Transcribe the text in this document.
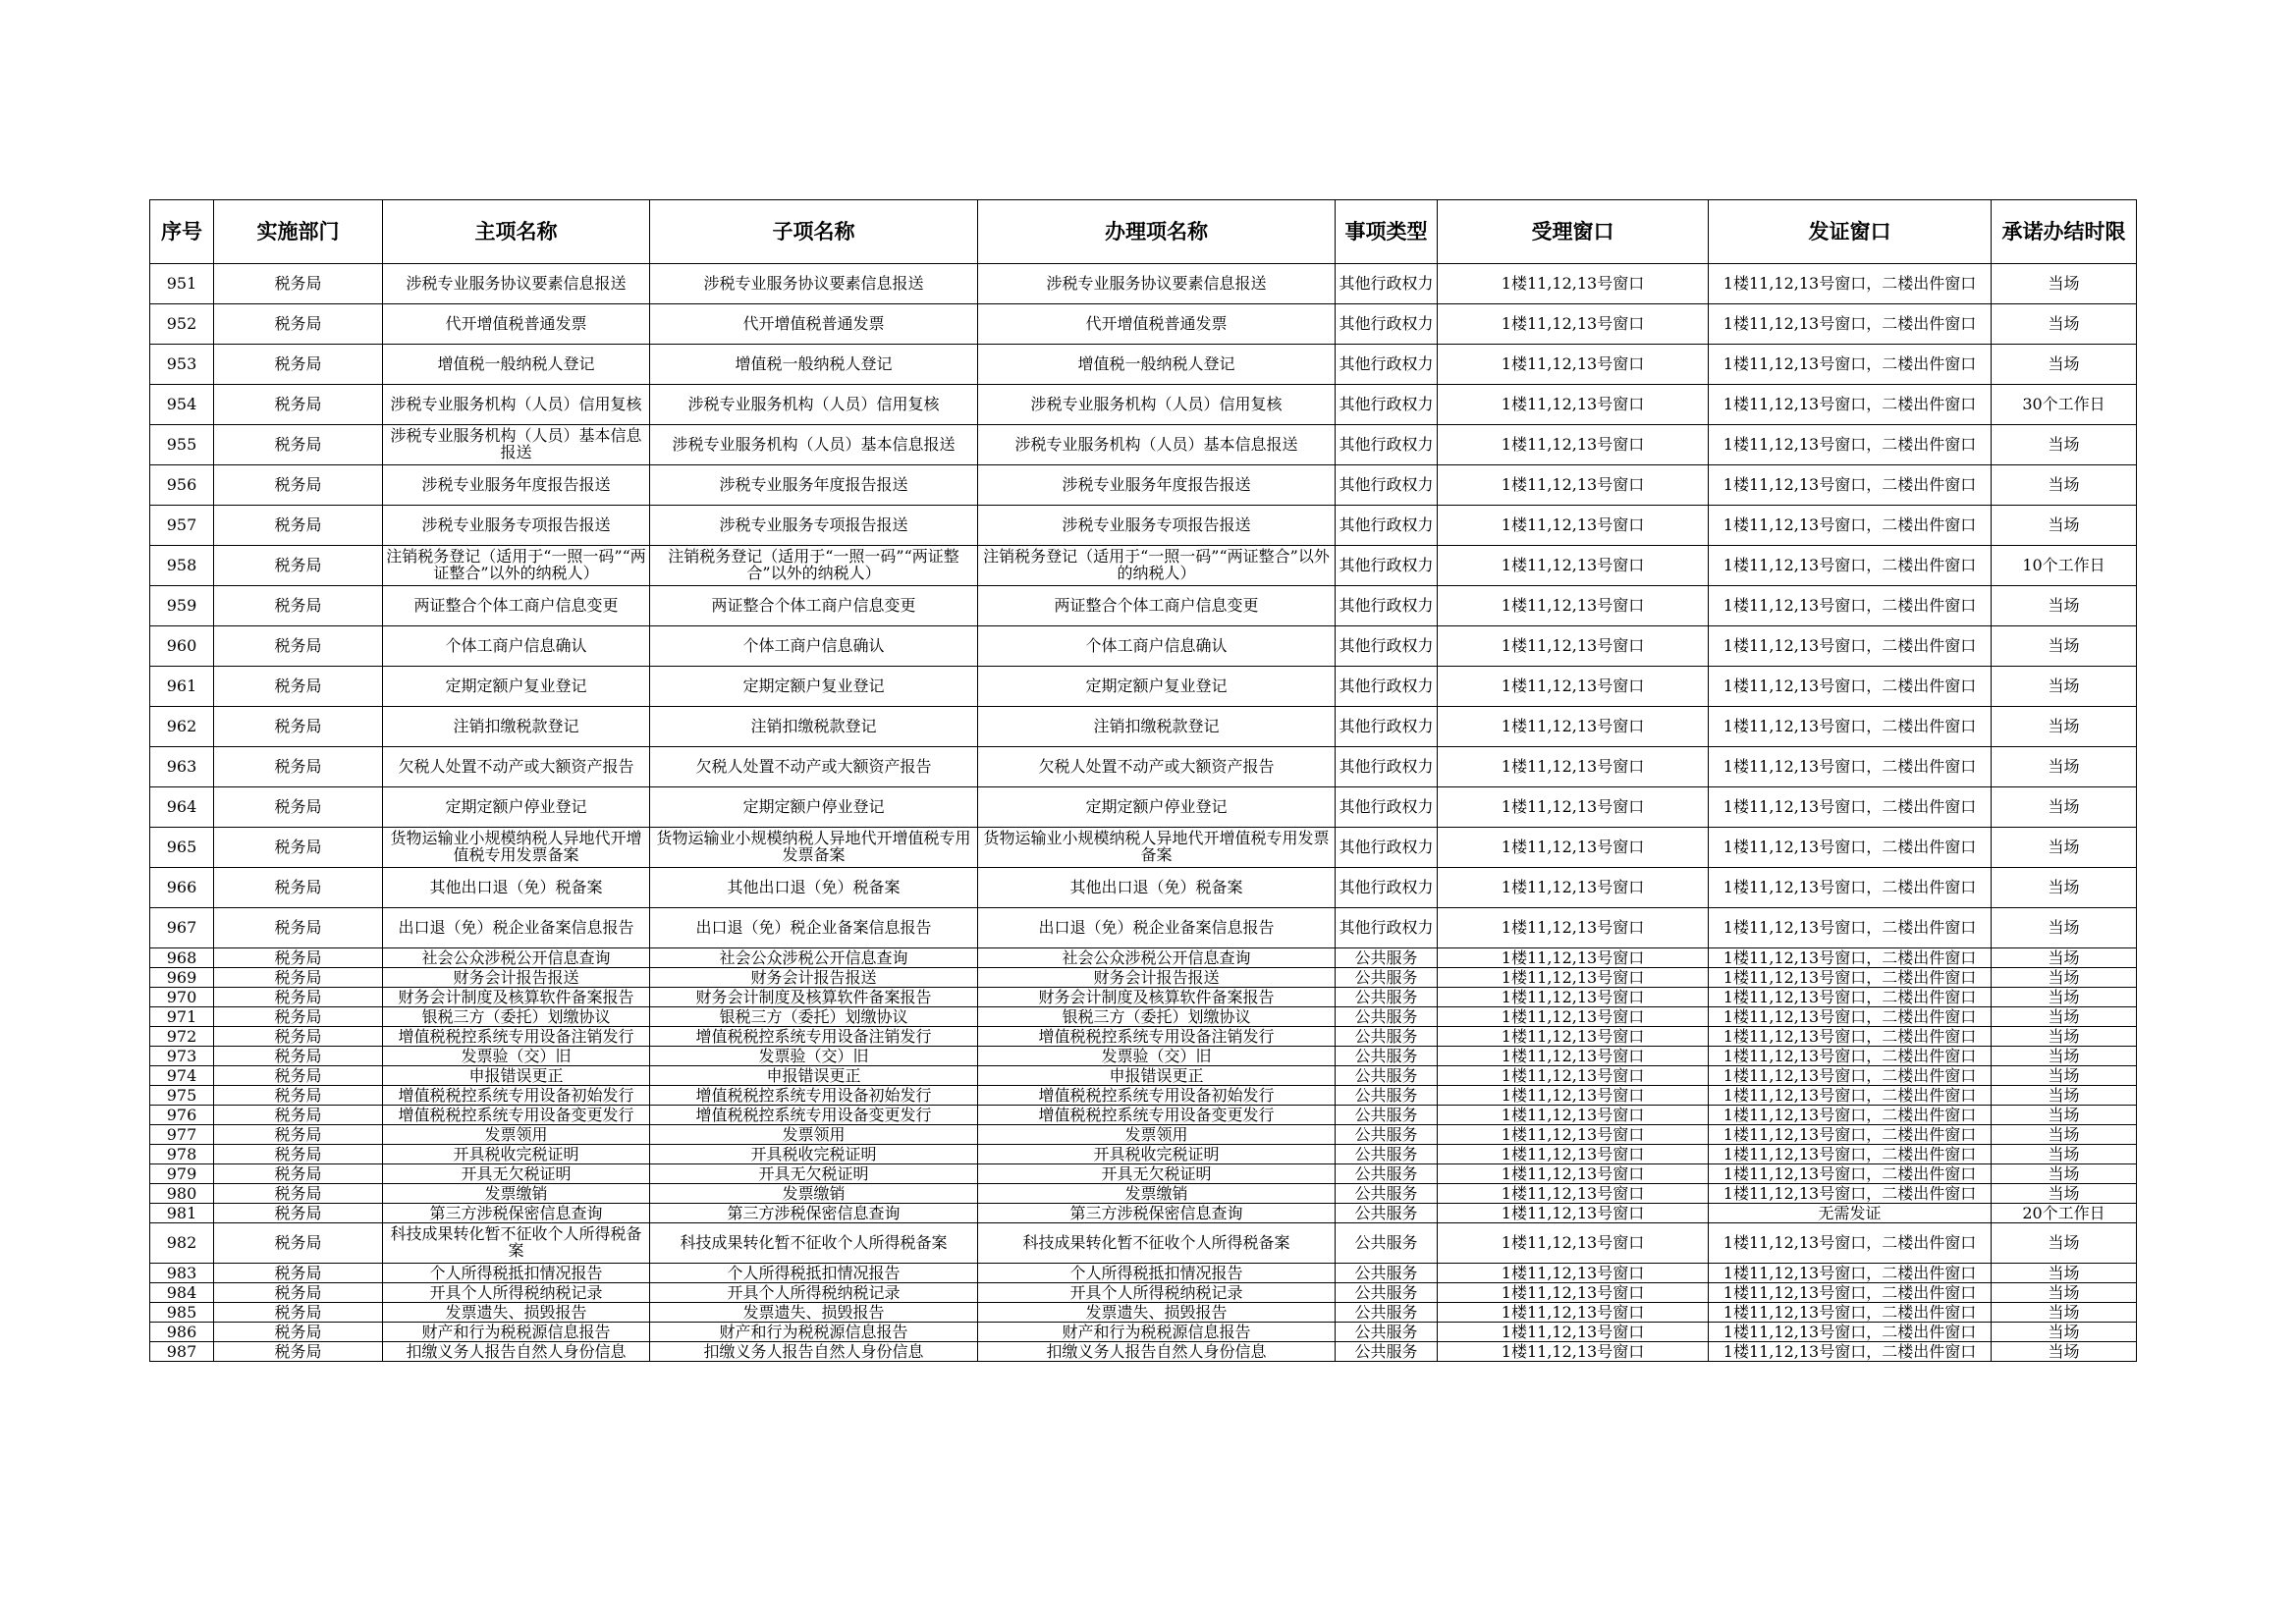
序号	实施部门	主项名称	子项名称	办理项名称	事项类型	受理窗口	发证窗口	承诺办结时限
951	税务局	涉税专业服务协议要素信息报送	涉税专业服务协议要素信息报送	涉税专业服务协议要素信息报送	其他行政权力	1楼11,12,13号窗口	1楼11,12,13号窗口，二楼出件窗口	当场
952	税务局	代开增值税普通发票	代开增值税普通发票	代开增值税普通发票	其他行政权力	1楼11,12,13号窗口	1楼11,12,13号窗口，二楼出件窗口	当场
953	税务局	增值税一般纳税人登记	增值税一般纳税人登记	增值税一般纳税人登记	其他行政权力	1楼11,12,13号窗口	1楼11,12,13号窗口，二楼出件窗口	当场
954	税务局	涉税专业服务机构（人员）信用复核	涉税专业服务机构（人员）信用复核	涉税专业服务机构（人员）信用复核	其他行政权力	1楼11,12,13号窗口	1楼11,12,13号窗口，二楼出件窗口	30个工作日
955	税务局	涉税专业服务机构（人员）基本信息报送	涉税专业服务机构（人员）基本信息报送	涉税专业服务机构（人员）基本信息报送	其他行政权力	1楼11,12,13号窗口	1楼11,12,13号窗口，二楼出件窗口	当场
956	税务局	涉税专业服务年度报告报送	涉税专业服务年度报告报送	涉税专业服务年度报告报送	其他行政权力	1楼11,12,13号窗口	1楼11,12,13号窗口，二楼出件窗口	当场
957	税务局	涉税专业服务专项报告报送	涉税专业服务专项报告报送	涉税专业服务专项报告报送	其他行政权力	1楼11,12,13号窗口	1楼11,12,13号窗口，二楼出件窗口	当场
958	税务局	注销税务登记（适用于“一照一码”“两证整合”以外的纳税人）	注销税务登记（适用于“一照一码”“两证整合”以外的纳税人）	注销税务登记（适用于“一照一码”“两证整合”以外的纳税人）	其他行政权力	1楼11,12,13号窗口	1楼11,12,13号窗口，二楼出件窗口	10个工作日
959	税务局	两证整合个体工商户信息变更	两证整合个体工商户信息变更	两证整合个体工商户信息变更	其他行政权力	1楼11,12,13号窗口	1楼11,12,13号窗口，二楼出件窗口	当场
960	税务局	个体工商户信息确认	个体工商户信息确认	个体工商户信息确认	其他行政权力	1楼11,12,13号窗口	1楼11,12,13号窗口，二楼出件窗口	当场
961	税务局	定期定额户复业登记	定期定额户复业登记	定期定额户复业登记	其他行政权力	1楼11,12,13号窗口	1楼11,12,13号窗口，二楼出件窗口	当场
962	税务局	注销扣缴税款登记	注销扣缴税款登记	注销扣缴税款登记	其他行政权力	1楼11,12,13号窗口	1楼11,12,13号窗口，二楼出件窗口	当场
963	税务局	欠税人处置不动产或大额资产报告	欠税人处置不动产或大额资产报告	欠税人处置不动产或大额资产报告	其他行政权力	1楼11,12,13号窗口	1楼11,12,13号窗口，二楼出件窗口	当场
964	税务局	定期定额户停业登记	定期定额户停业登记	定期定额户停业登记	其他行政权力	1楼11,12,13号窗口	1楼11,12,13号窗口，二楼出件窗口	当场
965	税务局	货物运输业小规模纳税人异地代开增值税专用发票备案	货物运输业小规模纳税人异地代开增值税专用发票备案	货物运输业小规模纳税人异地代开增值税专用发票备案	其他行政权力	1楼11,12,13号窗口	1楼11,12,13号窗口，二楼出件窗口	当场
966	税务局	其他出口退（免）税备案	其他出口退（免）税备案	其他出口退（免）税备案	其他行政权力	1楼11,12,13号窗口	1楼11,12,13号窗口，二楼出件窗口	当场
967	税务局	出口退（免）税企业备案信息报告	出口退（免）税企业备案信息报告	出口退（免）税企业备案信息报告	其他行政权力	1楼11,12,13号窗口	1楼11,12,13号窗口，二楼出件窗口	当场
968	税务局	社会公众涉税公开信息查询	社会公众涉税公开信息查询	社会公众涉税公开信息查询	公共服务	1楼11,12,13号窗口	1楼11,12,13号窗口，二楼出件窗口	当场
969	税务局	财务会计报告报送	财务会计报告报送	财务会计报告报送	公共服务	1楼11,12,13号窗口	1楼11,12,13号窗口，二楼出件窗口	当场
970	税务局	财务会计制度及核算软件备案报告	财务会计制度及核算软件备案报告	财务会计制度及核算软件备案报告	公共服务	1楼11,12,13号窗口	1楼11,12,13号窗口，二楼出件窗口	当场
971	税务局	银税三方（委托）划缴协议	银税三方（委托）划缴协议	银税三方（委托）划缴协议	公共服务	1楼11,12,13号窗口	1楼11,12,13号窗口，二楼出件窗口	当场
972	税务局	增值税税控系统专用设备注销发行	增值税税控系统专用设备注销发行	增值税税控系统专用设备注销发行	公共服务	1楼11,12,13号窗口	1楼11,12,13号窗口，二楼出件窗口	当场
973	税务局	发票验（交）旧	发票验（交）旧	发票验（交）旧	公共服务	1楼11,12,13号窗口	1楼11,12,13号窗口，二楼出件窗口	当场
974	税务局	申报错误更正	申报错误更正	申报错误更正	公共服务	1楼11,12,13号窗口	1楼11,12,13号窗口，二楼出件窗口	当场
975	税务局	增值税税控系统专用设备初始发行	增值税税控系统专用设备初始发行	增值税税控系统专用设备初始发行	公共服务	1楼11,12,13号窗口	1楼11,12,13号窗口，二楼出件窗口	当场
976	税务局	增值税税控系统专用设备变更发行	增值税税控系统专用设备变更发行	增值税税控系统专用设备变更发行	公共服务	1楼11,12,13号窗口	1楼11,12,13号窗口，二楼出件窗口	当场
977	税务局	发票领用	发票领用	发票领用	公共服务	1楼11,12,13号窗口	1楼11,12,13号窗口，二楼出件窗口	当场
978	税务局	开具税收完税证明	开具税收完税证明	开具税收完税证明	公共服务	1楼11,12,13号窗口	1楼11,12,13号窗口，二楼出件窗口	当场
979	税务局	开具无欠税证明	开具无欠税证明	开具无欠税证明	公共服务	1楼11,12,13号窗口	1楼11,12,13号窗口，二楼出件窗口	当场
980	税务局	发票缴销	发票缴销	发票缴销	公共服务	1楼11,12,13号窗口	1楼11,12,13号窗口，二楼出件窗口	当场
981	税务局	第三方涉税保密信息查询	第三方涉税保密信息查询	第三方涉税保密信息查询	公共服务	1楼11,12,13号窗口	无需发证	20个工作日
982	税务局	科技成果转化暂不征收个人所得税备案	科技成果转化暂不征收个人所得税备案	科技成果转化暂不征收个人所得税备案	公共服务	1楼11,12,13号窗口	1楼11,12,13号窗口，二楼出件窗口	当场
983	税务局	个人所得税抵扣情况报告	个人所得税抵扣情况报告	个人所得税抵扣情况报告	公共服务	1楼11,12,13号窗口	1楼11,12,13号窗口，二楼出件窗口	当场
984	税务局	开具个人所得税纳税记录	开具个人所得税纳税记录	开具个人所得税纳税记录	公共服务	1楼11,12,13号窗口	1楼11,12,13号窗口，二楼出件窗口	当场
985	税务局	发票遗失、损毁报告	发票遗失、损毁报告	发票遗失、损毁报告	公共服务	1楼11,12,13号窗口	1楼11,12,13号窗口，二楼出件窗口	当场
986	税务局	财产和行为税税源信息报告	财产和行为税税源信息报告	财产和行为税税源信息报告	公共服务	1楼11,12,13号窗口	1楼11,12,13号窗口，二楼出件窗口	当场
987	税务局	扣缴义务人报告自然人身份信息	扣缴义务人报告自然人身份信息	扣缴义务人报告自然人身份信息	公共服务	1楼11,12,13号窗口	1楼11,12,13号窗口，二楼出件窗口	当场
